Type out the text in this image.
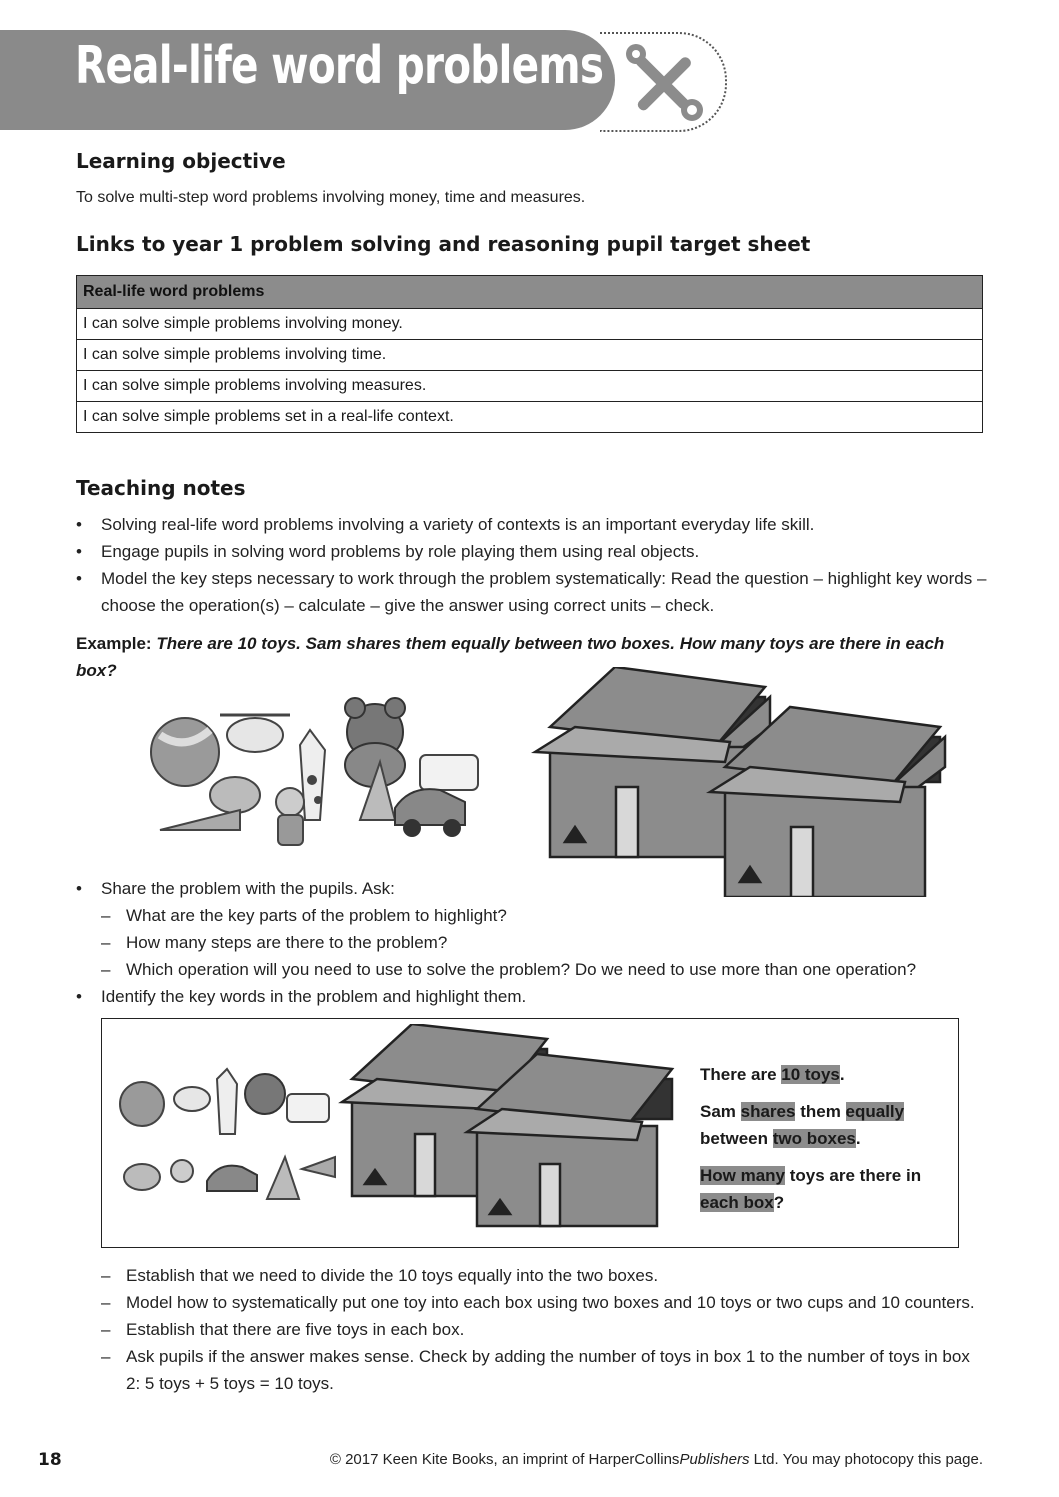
Real-life word problems
Learning objective
To solve multi-step word problems involving money, time and measures.
Links to year 1 problem solving and reasoning pupil target sheet
Real-life word problems
I can solve simple problems involving money.
I can solve simple problems involving time.
I can solve simple problems involving measures.
I can solve simple problems set in a real-life context.
Teaching notes
• Solving real-life word problems involving a variety of contexts is an important everyday life skill.
• Engage pupils in solving word problems by role playing them using real objects.
• Model the key steps necessary to work through the problem systematically: Read the question – highlight key words – choose the operation(s) – calculate – give the answer using correct units – check.
Example: There are 10 toys. Sam shares them equally between two boxes. How many toys are there in each box?
• Share the problem with the pupils. Ask:
– What are the key parts of the problem to highlight?
– How many steps are there to the problem?
– Which operation will you need to use to solve the problem? Do we need to use more than one operation?
• Identify the key words in the problem and highlight them.

There are 10 toys.

Sam shares them equally
between two boxes.

How many toys are there in each box?

– Establish that we need to divide the 10 toys equally into the two boxes.
– Model how to systematically put one toy into each box using two boxes and 10 toys or two cups and 10 counters.
– Establish that there are five toys in each box.
– Ask pupils if the answer makes sense. Check by adding the number of toys in box 1 to the number of toys in box 2: 5 toys + 5 toys = 10 toys.
18	© 2017 Keen Kite Books, an imprint of HarperCollinsPublishers Ltd. You may photocopy this page.
